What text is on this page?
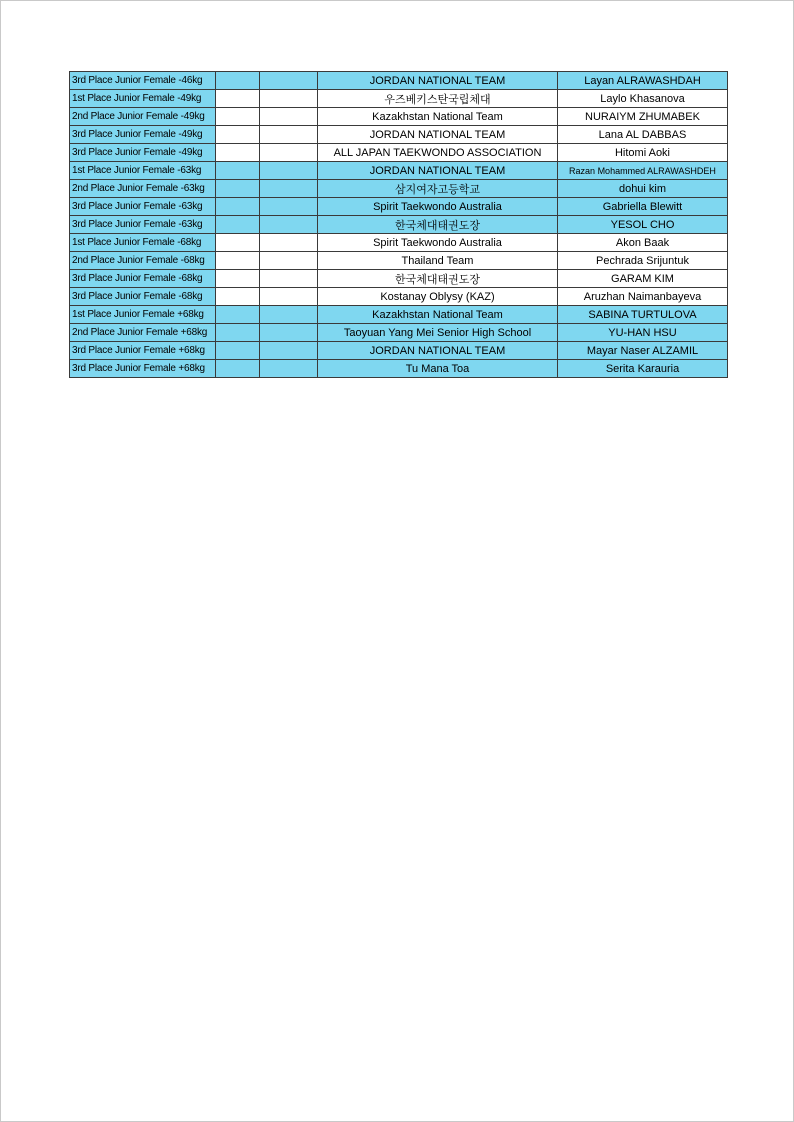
3rd Place Junior Female -46kg			JORDAN NATIONAL TEAM	Layan ALRAWASHDAH
1st Place Junior Female -49kg			우즈베키스탄국립체대	Laylo Khasanova
2nd Place Junior Female -49kg			Kazakhstan National Team	NURAIYM ZHUMABEK
3rd Place Junior Female -49kg			JORDAN NATIONAL TEAM	Lana AL DABBAS
3rd Place Junior Female -49kg			ALL JAPAN TAEKWONDO ASSOCIATION	Hitomi Aoki
1st Place Junior Female -63kg			JORDAN NATIONAL TEAM	Razan Mohammed ALRAWASHDEH
2nd Place Junior Female -63kg			삼지여자고등학교	dohui kim
3rd Place Junior Female -63kg			Spirit Taekwondo Australia	Gabriella Blewitt
3rd Place Junior Female -63kg			한국체대태권도장	YESOL CHO
1st Place Junior Female -68kg			Spirit Taekwondo Australia	Akon Baak
2nd Place Junior Female -68kg			Thailand Team	Pechrada Srijuntuk
3rd Place Junior Female -68kg			한국체대태권도장	GARAM KIM
3rd Place Junior Female -68kg			Kostanay Oblysy (KAZ)	Aruzhan Naimanbayeva
1st Place Junior Female +68kg			Kazakhstan National Team	SABINA TURTULOVA
2nd Place Junior Female +68kg			Taoyuan Yang Mei Senior High School	YU-HAN HSU
3rd Place Junior Female +68kg			JORDAN NATIONAL TEAM	Mayar Naser ALZAMIL
3rd Place Junior Female +68kg			Tu Mana Toa	Serita Karauria
